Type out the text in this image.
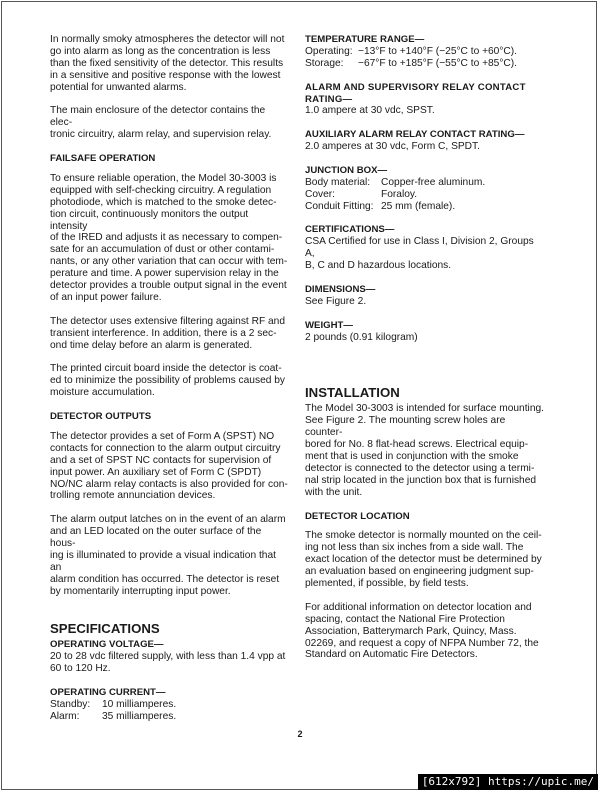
In normally smoky atmospheres the detector will not
go into alarm as long as the concentration is less
than the fixed sensitivity of the detector. This results
in a sensitive and positive response with the lowest
potential for unwanted alarms.

The main enclosure of the detector contains the elec-
tronic circuitry, alarm relay, and supervision relay.

FAILSAFE OPERATION

To ensure reliable operation, the Model 30-3003 is
equipped with self-checking circuitry. A regulation
photodiode, which is matched to the smoke detec-
tion circuit, continuously monitors the output intensity
of the IRED and adjusts it as necessary to compen-
sate for an accumulation of dust or other contami-
nants, or any other variation that can occur with tem-
perature and time. A power supervision relay in the
detector provides a trouble output signal in the event
of an input power failure.

The detector uses extensive filtering against RF and
transient interference. In addition, there is a 2 sec-
ond time delay before an alarm is generated.

The printed circuit board inside the detector is coat-
ed to minimize the possibility of problems caused by
moisture accumulation.

DETECTOR OUTPUTS

The detector provides a set of Form A (SPST) NO
contacts for connection to the alarm output circuitry
and a set of SPST NC contacts for supervision of
input power. An auxiliary set of Form C (SPDT)
NO/NC alarm relay contacts is also provided for con-
trolling remote annunciation devices.

The alarm output latches on in the event of an alarm
and an LED located on the outer surface of the hous-
ing is illuminated to provide a visual indication that an
alarm condition has occurred. The detector is reset
by momentarily interrupting input power.

SPECIFICATIONS
OPERATING VOLTAGE—

20 to 28 vdc filtered supply, with less than 1.4 vpp at
60 to 120 Hz.

OPERATING CURRENT—
Standby:	10 milliamperes.
Alarm:	35 milliamperes.
TEMPERATURE RANGE—
Operating: −13°F to +140°F (−25°C to +60°C).
Storage:	−67°F to +185°F (−55°C to +85°C).
ALARM AND SUPERVISORY RELAY CONTACT
RATING—

1.0 ampere at 30 vdc, SPST.

AUXILIARY ALARM RELAY CONTACT RATING—

2.0 amperes at 30 vdc, Form C, SPDT.

JUNCTION BOX—
Body material:	Copper-free aluminum.
Cover:	Foraloy.
Conduit Fitting: 25 mm (female).
CERTIFICATIONS—

CSA Certified for use in Class I, Division 2, Groups A,
B, C and D hazardous locations.

DIMENSIONS—

See Figure 2.

WEIGHT—

2 pounds (0.91 kilogram)

INSTALLATION

The Model 30-3003 is intended for surface mounting.
See Figure 2. The mounting screw holes are counter-
bored for No. 8 flat-head screws. Electrical equip-
ment that is used in conjunction with the smoke
detector is connected to the detector using a termi-
nal strip located in the junction box that is furnished
with the unit.

DETECTOR LOCATION

The smoke detector is normally mounted on the ceil-
ing not less than six inches from a side wall. The
exact location of the detector must be determined by
an evaluation based on engineering judgment sup-
plemented, if possible, by field tests.

For additional information on detector location and
spacing, contact the National Fire Protection
Association, Batterymarch Park, Quincy, Mass.
02269, and request a copy of NFPA Number 72, the
Standard on Automatic Fire Detectors.

2
[612x792] https://upic.me/
